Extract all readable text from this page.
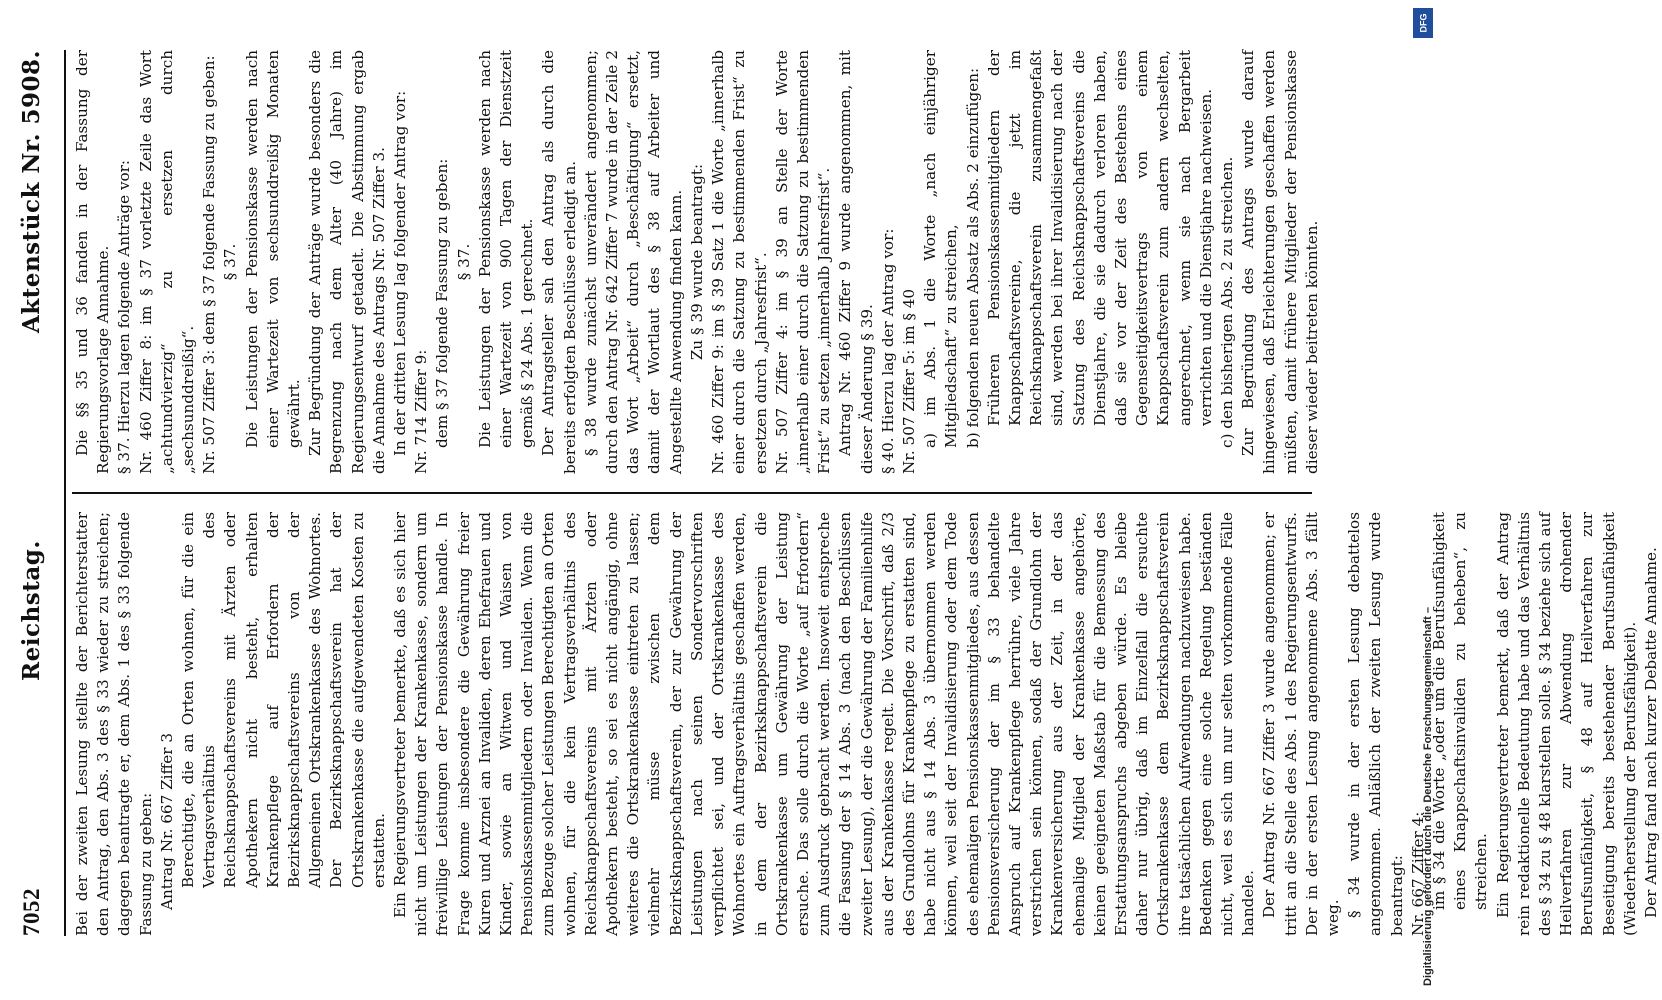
7052
Reichstag.
Aktenstück Nr. 5908.

Bei der zweiten Lesung stellte der Berichterstatter den Antrag, den Abs. 3 des § 33 wieder zu streichen; dagegen beantragte er, dem Abs. 1 des § 33 folgende Fassung zu geben: Antrag Nr. 667 Ziffer 3 Berechtigte, die an Orten wohnen, für die ein Vertragsverhältnis des Reichsknappschaftsvereins mit Ärzten oder Apothekern nicht besteht, erhalten Krankenpflege auf Erfordern der Bezirksknappschaftsvereins von der Allgemeinen Ortskrankenkasse des Wohnortes. Der Bezirksknappschaftsverein hat der Ortskrankenkasse die aufgewendeten Kosten zu erstatten. Ein Regierungsvertreter bemerkte, daß es sich hier nicht um Leistungen der Krankenkasse, sondern um freiwillige Leistungen der Pensionskasse handle. In Frage komme insbesondere die Gewährung freier Kuren und Arznei an Invaliden, deren Ehefrauen und Kinder, sowie an Witwen und Waisen von Pensionskassenmitgliedern oder Invaliden. Wenn die zum Bezuge solcher Leistungen Berechtigten an Orten wohnen, für die kein Vertragsverhältnis des Reichsknappschaftsvereins mit Ärzten oder Apothekern besteht, so sei es nicht angängig, ohne weiteres die Ortskrankenkasse eintreten zu lassen; vielmehr müsse zwischen dem Bezirksknappschaftsverein, der zur Gewährung der Leistungen nach seinen Sondervorschriften verpflichtet sei, und der Ortskrankenkasse des Wohnortes ein Auftragsverhältnis geschaffen werden, in dem der Bezirksknappschaftsverein die Ortskrankenkasse um Gewährung der Leistung ersuche. Das solle durch die Worte „auf Erfordern“ zum Ausdruck gebracht werden. Insoweit entspreche die Fassung der § 14 Abs. 3 (nach den Beschlüssen zweiter Lesung), der die Gewährung der Familienhilfe aus der Krankenkasse regelt. Die Vorschrift, daß 2/3 des Grundlohns für Krankenpflege zu erstatten sind, habe nicht aus § 14 Abs. 3 übernommen werden können, weil seit der Invalidisierung oder dem Tode des ehemaligen Pensionskassenmitgliedes, aus dessen Pensionsversicherung der im § 33 behandelte Anspruch auf Krankenpflege herrühre, viele Jahre verstrichen sein können, sodaß der Grundlohn der Krankenversicherung aus der Zeit, in der das ehemalige Mitglied der Krankenkasse angehörte, keinen geeigneten Maßstab für die Bemessung des Erstattungsanspruchs abgeben würde. Es bleibe daher nur übrig, daß im Einzelfall die ersuchte Ortskrankenkasse dem Bezirksknappschaftsverein ihre tatsächlichen Aufwendungen nachzuweisen habe. Bedenken gegen eine solche Regelung beständen nicht, weil es sich um nur selten vorkommende Fälle handele. Der Antrag Nr. 667 Ziffer 3 wurde angenommen; er tritt an die Stelle des Abs. 1 des Regierungsentwurfs. Der in der ersten Lesung angenommene Abs. 3 fällt weg. § 34 wurde in der ersten Lesung debattelos angenommen. Anläßlich der zweiten Lesung wurde beantragt: Nr. 667 Ziffer 4: im § 34 die Worte „oder um die Berufsunfähigkeit eines Knappschaftsinvaliden zu beheben“, zu streichen. Ein Regierungsvertreter bemerkt, daß der Antrag rein redaktionelle Bedeutung habe und das Verhältnis des § 34 zu § 48 klarstellen solle. § 34 beziehe sich auf Heilverfahren zur Abwendung drohender Berufsunfähigkeit, § 48 auf Heilverfahren zur Beseitigung bereits bestehender Berufsunfähigkeit (Wiederherstellung der Berufsfähigkeit). Der Antrag fand nach kurzer Debatte Annahme.

Die §§ 35 und 36 fanden in der Fassung der Regierungsvorlage Annahme. § 37. Hierzu lagen folgende Anträge vor: Nr. 460 Ziffer 8: im § 37 vorletzte Zeile das Wort „achtundvierzig“ zu ersetzen durch „sechsunddreißig“. Nr. 507 Ziffer 3: dem § 37 folgende Fassung zu geben: § 37. Die Leistungen der Pensionskasse werden nach einer Wartezeit von sechsunddreißig Monaten gewährt. Zur Begründung der Anträge wurde besonders die Begrenzung nach dem Alter (40 Jahre) im Regierungsentwurf getadelt. Die Abstimmung ergab die Annahme des Antrags Nr. 507 Ziffer 3. In der dritten Lesung lag folgender Antrag vor: Nr. 714 Ziffer 9: dem § 37 folgende Fassung zu geben: § 37. Die Leistungen der Pensionskasse werden nach einer Wartezeit von 900 Tagen der Dienstzeit gemäß § 24 Abs. 1 gerechnet. Der Antragsteller sah den Antrag als durch die bereits erfolgten Beschlüsse erledigt an. § 38 wurde zunächst unverändert angenommen; durch den Antrag Nr. 642 Ziffer 7 wurde in der Zeile 2 das Wort „Arbeit“ durch „Beschäftigung“ ersetzt, damit der Wortlaut des § 38 auf Arbeiter und Angestellte Anwendung finden kann. Zu § 39 wurde beantragt: Nr. 460 Ziffer 9: im § 39 Satz 1 die Worte „innerhalb einer durch die Satzung zu bestimmenden Frist“ zu ersetzen durch „Jahresfrist“. Nr. 507 Ziffer 4: im § 39 an Stelle der Worte „innerhalb einer durch die Satzung zu bestimmenden Frist“ zu setzen „innerhalb Jahresfrist“. Antrag Nr. 460 Ziffer 9 wurde angenommen, mit dieser Änderung § 39. § 40. Hierzu lag der Antrag vor: Nr. 507 Ziffer 5: im § 40 a) im Abs. 1 die Worte „nach einjähriger Mitgliedschaft“ zu streichen, b) folgenden neuen Absatz als Abs. 2 einzufügen: Früheren Pensionskassenmitgliedern der Knappschaftsvereine, die jetzt im Reichsknappschaftsverein zusammengefaßt sind, werden bei ihrer Invalidisierung nach der Satzung des Reichsknappschaftsvereins die Dienstjahre, die sie dadurch verloren haben, daß sie vor der Zeit des Bestehens eines Gegenseitigkeitsvertrags von einem Knappschaftsverein zum andern wechselten, angerechnet, wenn sie nach Bergarbeit verrichten und die Dienstjahre nachweisen. c) den bisherigen Abs. 2 zu streichen. Zur Begründung des Antrags wurde darauf hingewiesen, daß Erleichterungen geschaffen werden müßten, damit frühere Mitglieder der Pensionskasse dieser wieder beitreten könnten.

Digitalisierung gefördert durch die Deutsche Forschungsgemeinschaft –
DFG
